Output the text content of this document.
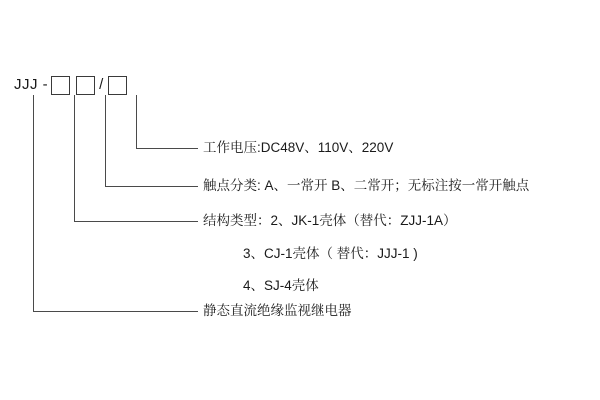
JJJ -	/
工作电压:DC48V、110V、220V
触点分类: A、一常开 B、二常开；无标注按一常开触点
结构类型：2、JK-1壳体（替代：ZJJ-1A）
3、CJ-1壳体（ 替代：JJJ-1 )
4、SJ-4壳体
静态直流绝缘监视继电器
